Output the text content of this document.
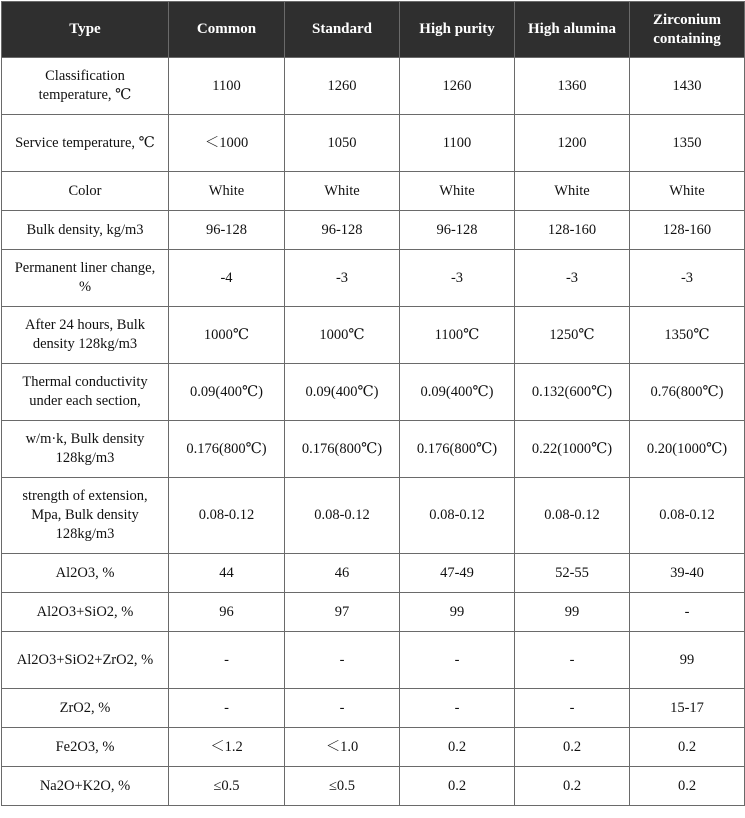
Type	Common	Standard	High purity	High alumina	Zirconium containing
Classification temperature, ℃	1100	1260	1260	1360	1430
Service temperature, ℃	＜1000	1050	1100	1200	1350
Color	White	White	White	White	White
Bulk density, kg/m3	96-128	96-128	96-128	128-160	128-160
Permanent liner change, %	-4	-3	-3	-3	-3
After 24 hours, Bulk density 128kg/m3	1000℃	1000℃	1100℃	1250℃	1350℃
Thermal conductivity under each section,	0.09(400℃)	0.09(400℃)	0.09(400℃)	0.132(600℃)	0.76(800℃)
w/m·k, Bulk density 128kg/m3	0.176(800℃)	0.176(800℃)	0.176(800℃)	0.22(1000℃)	0.20(1000℃)
strength of extension, Mpa, Bulk density 128kg/m3	0.08-0.12	0.08-0.12	0.08-0.12	0.08-0.12	0.08-0.12
Al2O3, %	44	46	47-49	52-55	39-40
Al2O3+SiO2, %	96	97	99	99	-
Al2O3+SiO2+ZrO2, %	-	-	-	-	99
ZrO2, %	-	-	-	-	15-17
Fe2O3, %	＜1.2	＜1.0	0.2	0.2	0.2
Na2O+K2O, %	≤0.5	≤0.5	0.2	0.2	0.2
